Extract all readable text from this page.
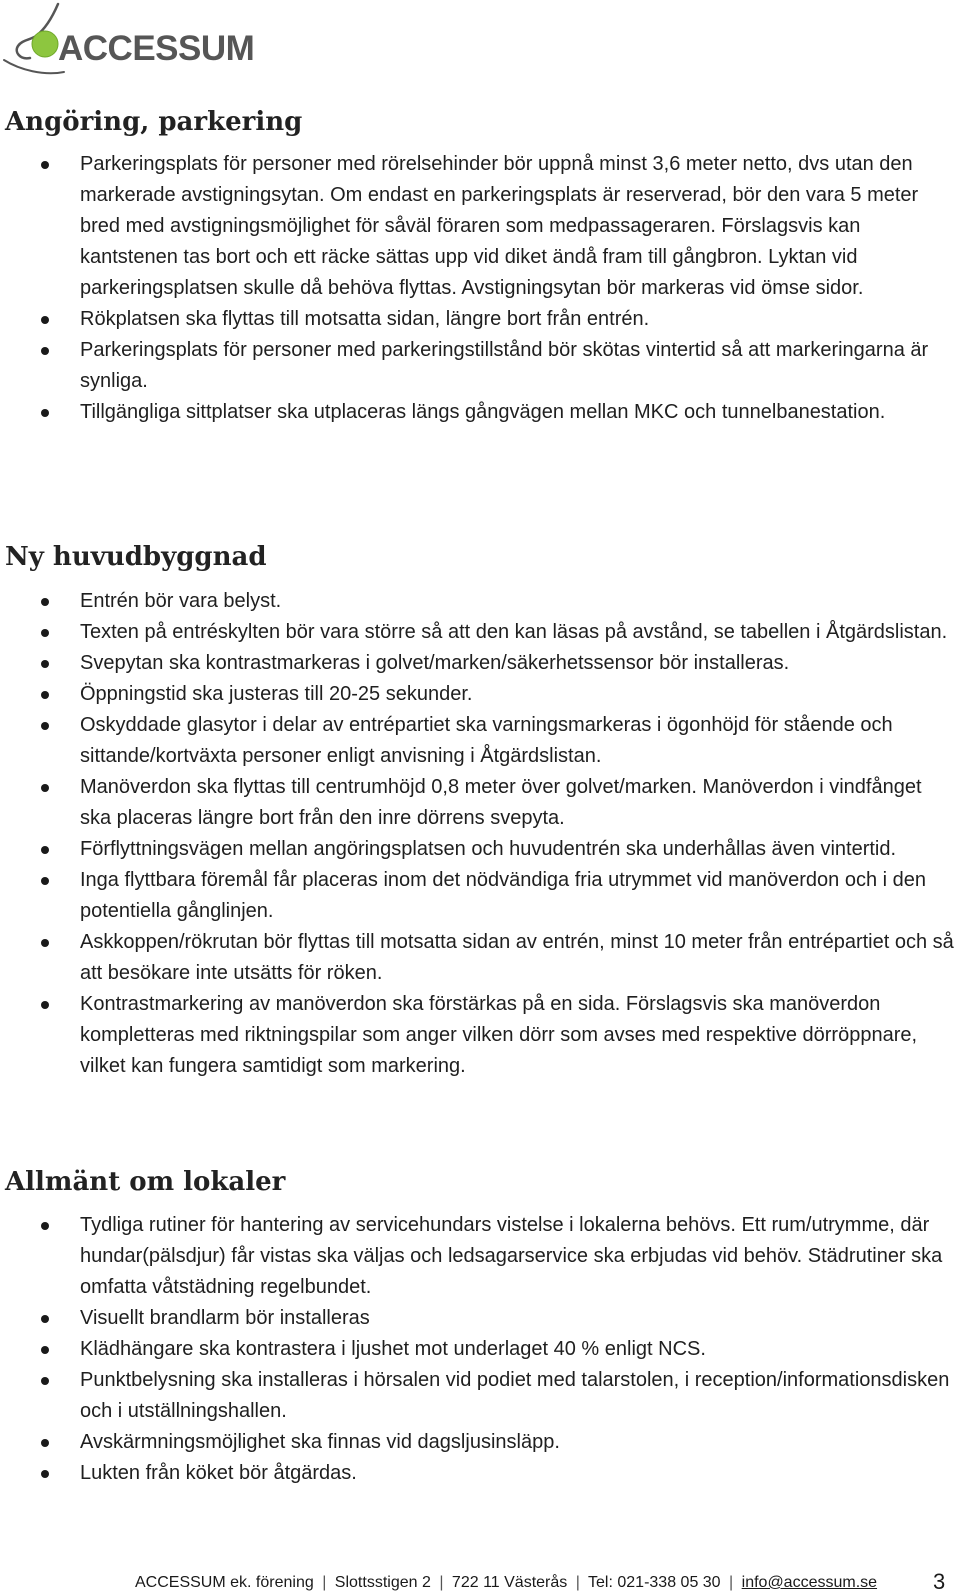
ACCESSUM
Angöring, parkering
Parkeringsplats för personer med rörelsehinder bör uppnå minst 3,6 meter netto, dvs utan den markerade avstigningsytan. Om endast en parkeringsplats är reserverad, bör den vara 5 meter bred med avstigningsmöjlighet för såväl föraren som medpassageraren. Förslagsvis kan kantstenen tas bort och ett räcke sättas upp vid diket ändå fram till gångbron. Lyktan vid parkeringsplatsen skulle då behöva flyttas. Avstigningsytan bör markeras vid ömse sidor.
Rökplatsen ska flyttas till motsatta sidan, längre bort från entrén.
Parkeringsplats för personer med parkeringstillstånd bör skötas vintertid så att markeringarna är synliga.
Tillgängliga sittplatser ska utplaceras längs gångvägen mellan MKC och tunnelbanestation.
Ny huvudbyggnad
Entrén bör vara belyst.
Texten på entréskylten bör vara större så att den kan läsas på avstånd, se tabellen i Åtgärdslistan.
Svepytan ska kontrastmarkeras i golvet/marken/säkerhetssensor bör installeras.
Öppningstid ska justeras till 20-25 sekunder.
Oskyddade glasytor i delar av entrépartiet ska varningsmarkeras i ögonhöjd för stående och sittande/kortväxta personer enligt anvisning i Åtgärdslistan.
Manöverdon ska flyttas till centrumhöjd 0,8 meter över golvet/marken. Manöverdon i vindfånget ska placeras längre bort från den inre dörrens svepyta.
Förflyttningsvägen mellan angöringsplatsen och huvudentrén ska underhållas även vintertid.
Inga flyttbara föremål får placeras inom det nödvändiga fria utrymmet vid manöverdon och i den potentiella gånglinjen.
Askkoppen/rökrutan bör flyttas till motsatta sidan av entrén, minst 10 meter från entrépartiet och så att besökare inte utsätts för röken.
Kontrastmarkering av manöverdon ska förstärkas på en sida. Förslagsvis ska manöverdon kompletteras med riktningspilar som anger vilken dörr som avses med respektive dörröppnare, vilket kan fungera samtidigt som markering.
Allmänt om lokaler
Tydliga rutiner för hantering av servicehundars vistelse i lokalerna behövs. Ett rum/utrymme, där hundar(pälsdjur) får vistas ska väljas och ledsagarservice ska erbjudas vid behöv. Städrutiner ska omfatta våtstädning regelbundet.
Visuellt brandlarm bör installeras
Klädhängare ska kontrastera i ljushet mot underlaget 40 % enligt NCS.
Punktbelysning ska installeras i hörsalen vid podiet med talarstolen, i reception/informationsdisken och i utställningshallen.
Avskärmningsmöjlighet ska finnas vid dagsljusinsläpp.
Lukten från köket bör åtgärdas.
ACCESSUM ek. förening | Slottsstigen 2 | 722 11 Västerås | Tel: 021-338 05 30 | info@accessum.se	3
